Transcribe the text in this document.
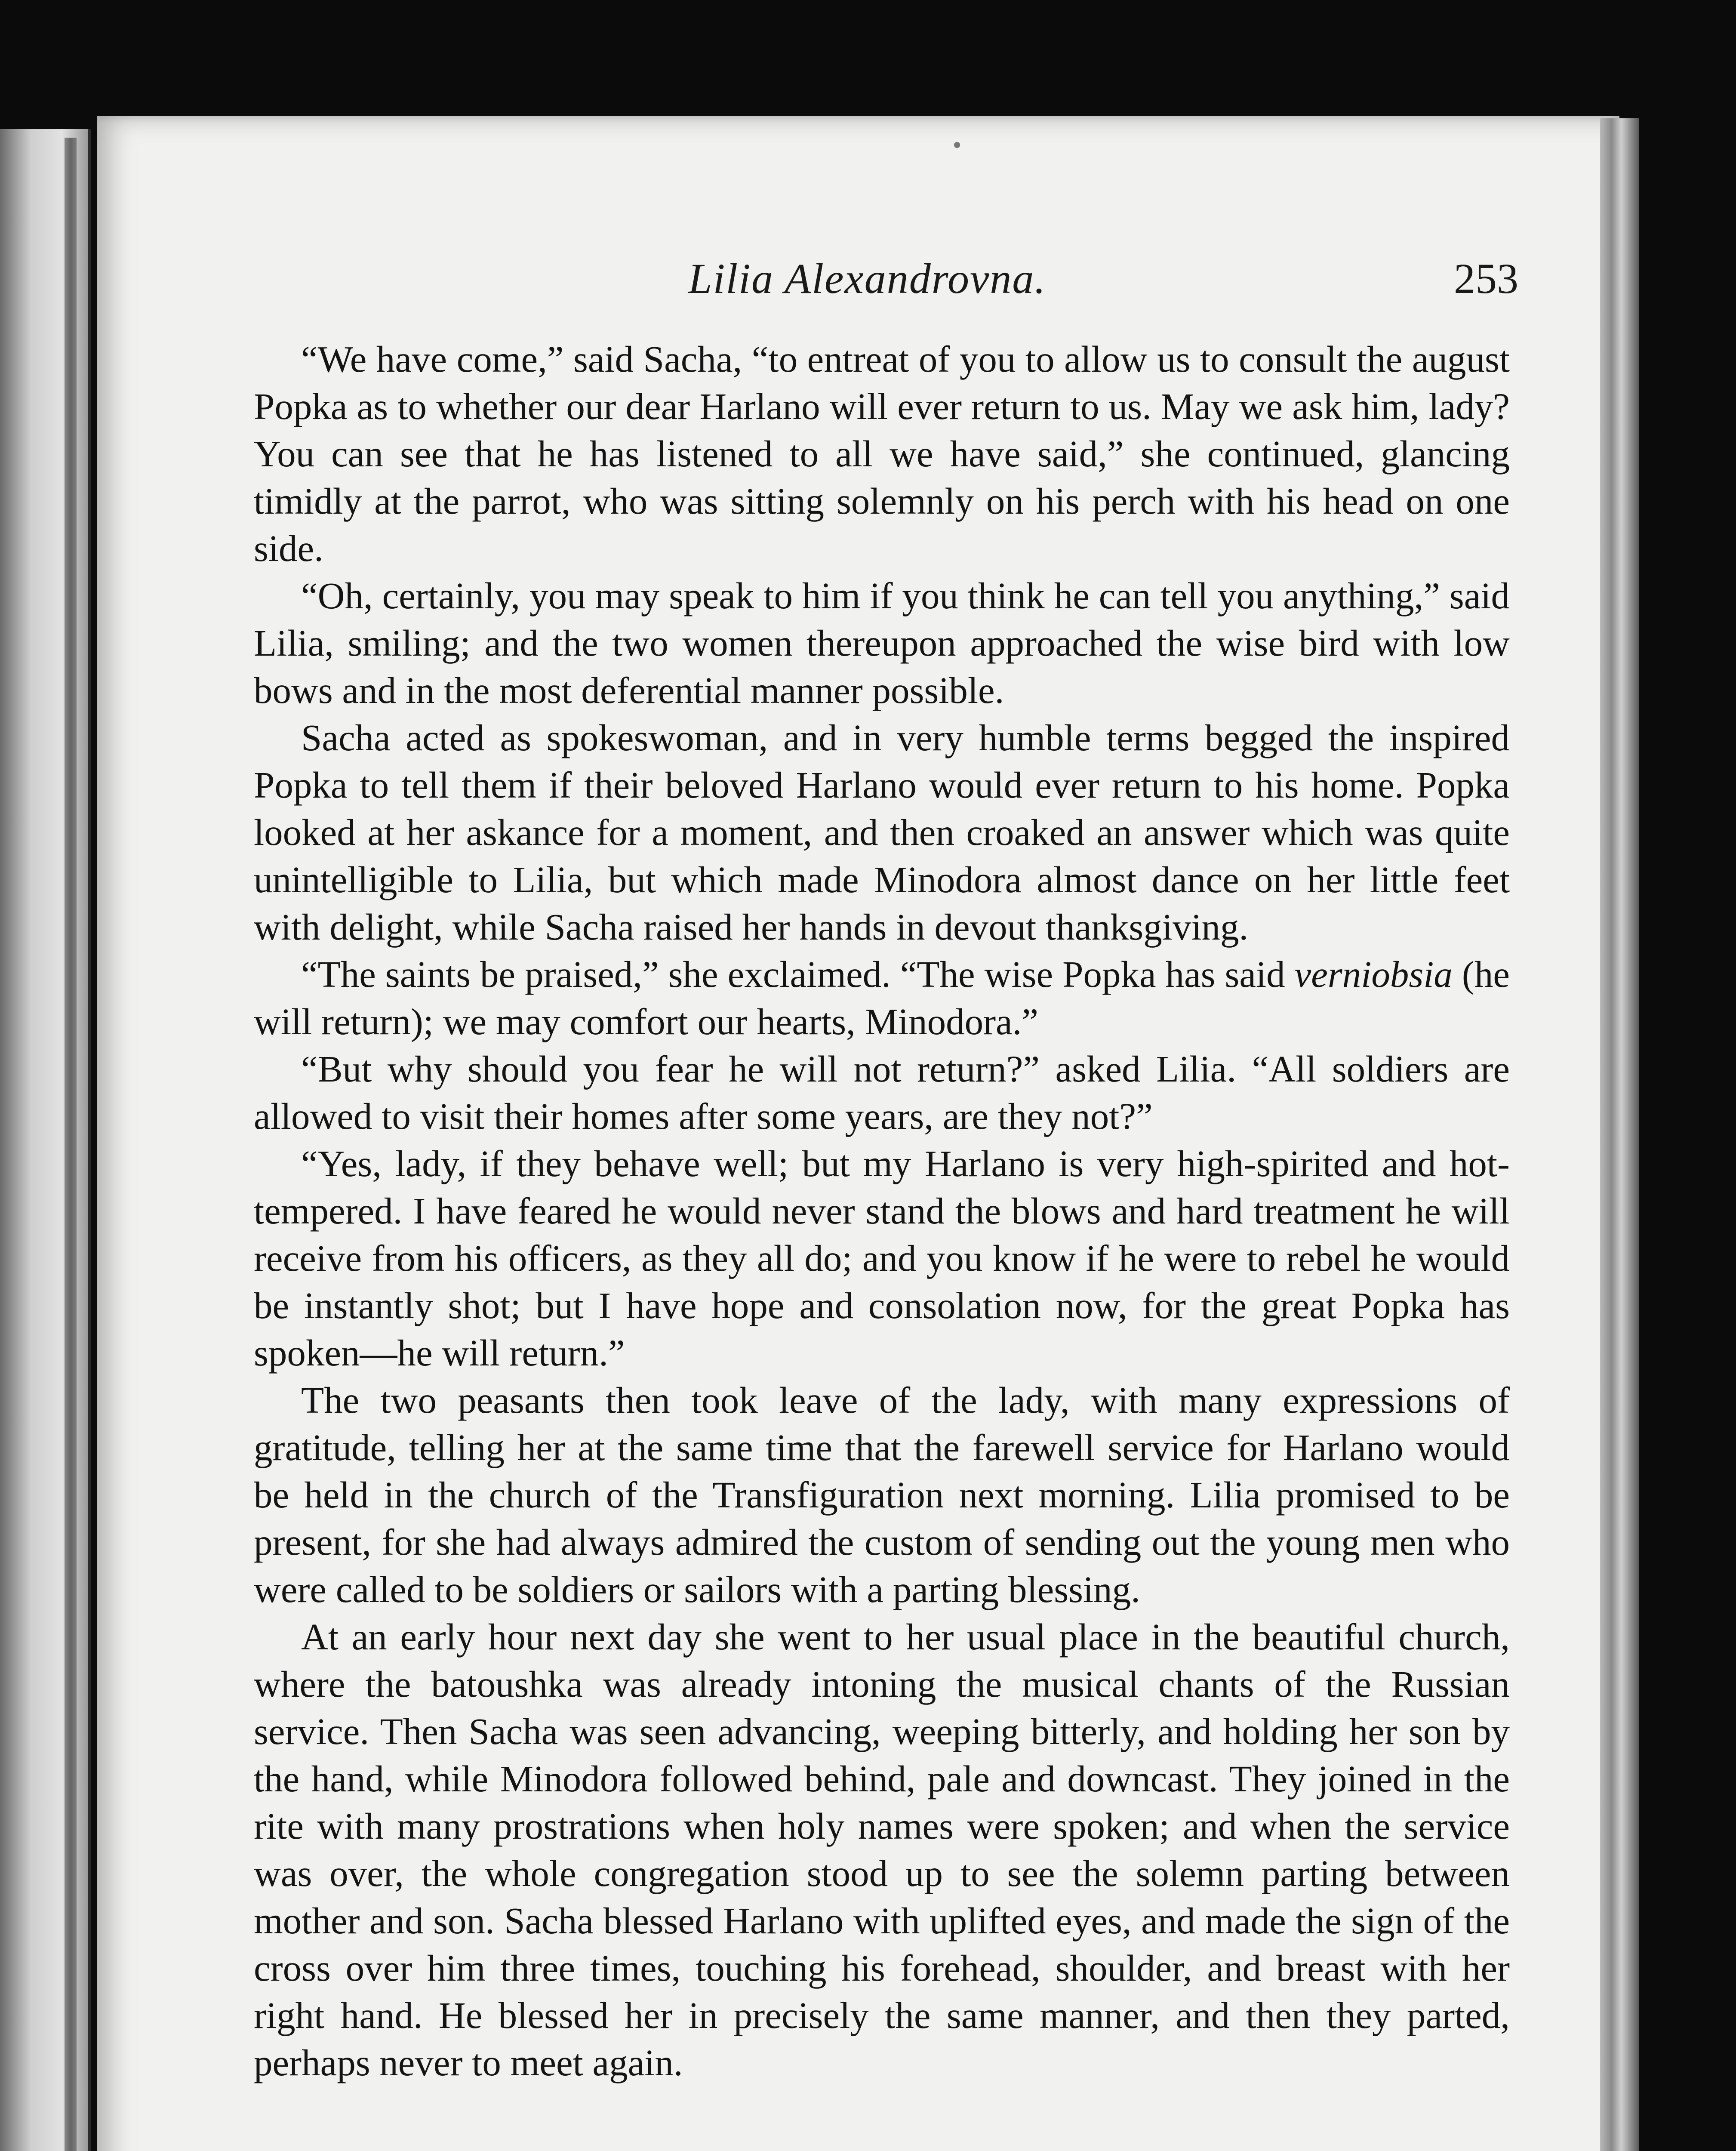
Lilia Alexandrovna.	253

“We have come,” said Sacha, “to entreat of you to allow us to consult the august Popka as to whether our dear Harlano will ever return to us. May we ask him, lady? You can see that he has listened to all we have said,” she continued, glancing timidly at the parrot, who was sitting solemnly on his perch with his head on one side.

“Oh, certainly, you may speak to him if you think he can tell you anything,” said Lilia, smiling; and the two women thereupon approached the wise bird with low bows and in the most deferential manner possible.

Sacha acted as spokeswoman, and in very humble terms begged the inspired Popka to tell them if their beloved Harlano would ever return to his home. Popka looked at her askance for a moment, and then croaked an answer which was quite unintelligible to Lilia, but which made Minodora almost dance on her little feet with delight, while Sacha raised her hands in devout thanksgiving.

“The saints be praised,” she exclaimed. “The wise Popka has said verniobsia (he will return); we may comfort our hearts, Minodora.”

“But why should you fear he will not return?” asked Lilia. “All soldiers are allowed to visit their homes after some years, are they not?”

“Yes, lady, if they behave well; but my Harlano is very high-spirited and hot-tempered. I have feared he would never stand the blows and hard treatment he will receive from his officers, as they all do; and you know if he were to rebel he would be instantly shot; but I have hope and consolation now, for the great Popka has spoken—he will return.”

The two peasants then took leave of the lady, with many expressions of gratitude, telling her at the same time that the farewell service for Harlano would be held in the church of the Transfiguration next morning. Lilia promised to be present, for she had always admired the custom of sending out the young men who were called to be soldiers or sailors with a parting blessing.

At an early hour next day she went to her usual place in the beautiful church, where the batoushka was already intoning the musical chants of the Russian service. Then Sacha was seen advancing, weeping bitterly, and holding her son by the hand, while Minodora followed behind, pale and downcast. They joined in the rite with many prostrations when holy names were spoken; and when the service was over, the whole congregation stood up to see the solemn parting between mother and son. Sacha blessed Harlano with uplifted eyes, and made the sign of the cross over him three times, touching his forehead, shoulder, and breast with her right hand. He blessed her in precisely the same manner, and then they parted, perhaps never to meet again.
